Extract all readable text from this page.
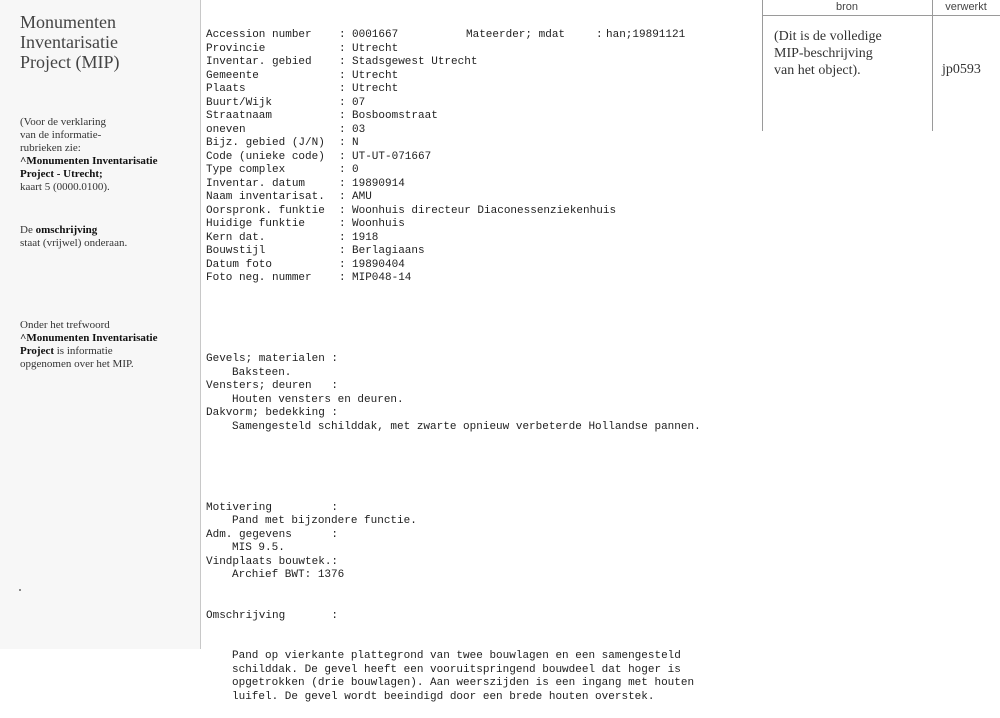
Monumenten
Inventarisatie
Project (MIP)
(Voor de verklaring
van de informatie-
rubrieken zie:
^Monumenten Inventarisatie
Project - Utrecht;
kaart 5 (0000.0100).
De omschrijving
staat (vrijwel) onderaan.
Onder het trefwoord
^Monumenten Inventarisatie
Project is informatie
opgenomen over het MIP.

Accession number	: 0001667	Mateerder; mdat	: han;19891121
Provincie	: Utrecht
Inventar. gebied	: Stadsgewest Utrecht
Gemeente	: Utrecht
Plaats	: Utrecht
Buurt/Wijk	: 07
Straatnaam	: Bosboomstraat
oneven	: 03
Bijz. gebied (J/N)	: N
Code (unieke code)	: UT-UT-071667
Type complex	: 0
Inventar. datum	: 19890914
Naam inventarisat.	: AMU
Oorspronk. funktie	: Woonhuis directeur Diaconessenziekenhuis
Huidige funktie	: Woonhuis
Kern dat.	: 1918
Bouwstijl	: Berlagiaans
Datum foto	: 19890404
Foto neg. nummer	: MIP048-14

Gevels; materialen :
Baksteen.
Vensters; deuren   :
Houten vensters en deuren.
Dakvorm; bedekking :
Samengesteld schilddak, met zwarte opnieuw verbeterde Hollandse pannen.

Motivering         :
Pand met bijzondere functie.
Adm. gegevens      :
MIS 9.5.
Vindplaats bouwtek.:
Archief BWT: 1376

Omschrijving       :

Pand op vierkante plattegrond van twee bouwlagen en een samengesteld
schilddak. De gevel heeft een vooruitspringend bouwdeel dat hoger is
opgetrokken (drie bouwlagen). Aan weerszijden is een ingang met houten
luifel. De gevel wordt beeindigd door een brede houten overstek.

bron	verwerkt
(Dit is de volledige
MIP-beschrijving
van het object).	jp0593
